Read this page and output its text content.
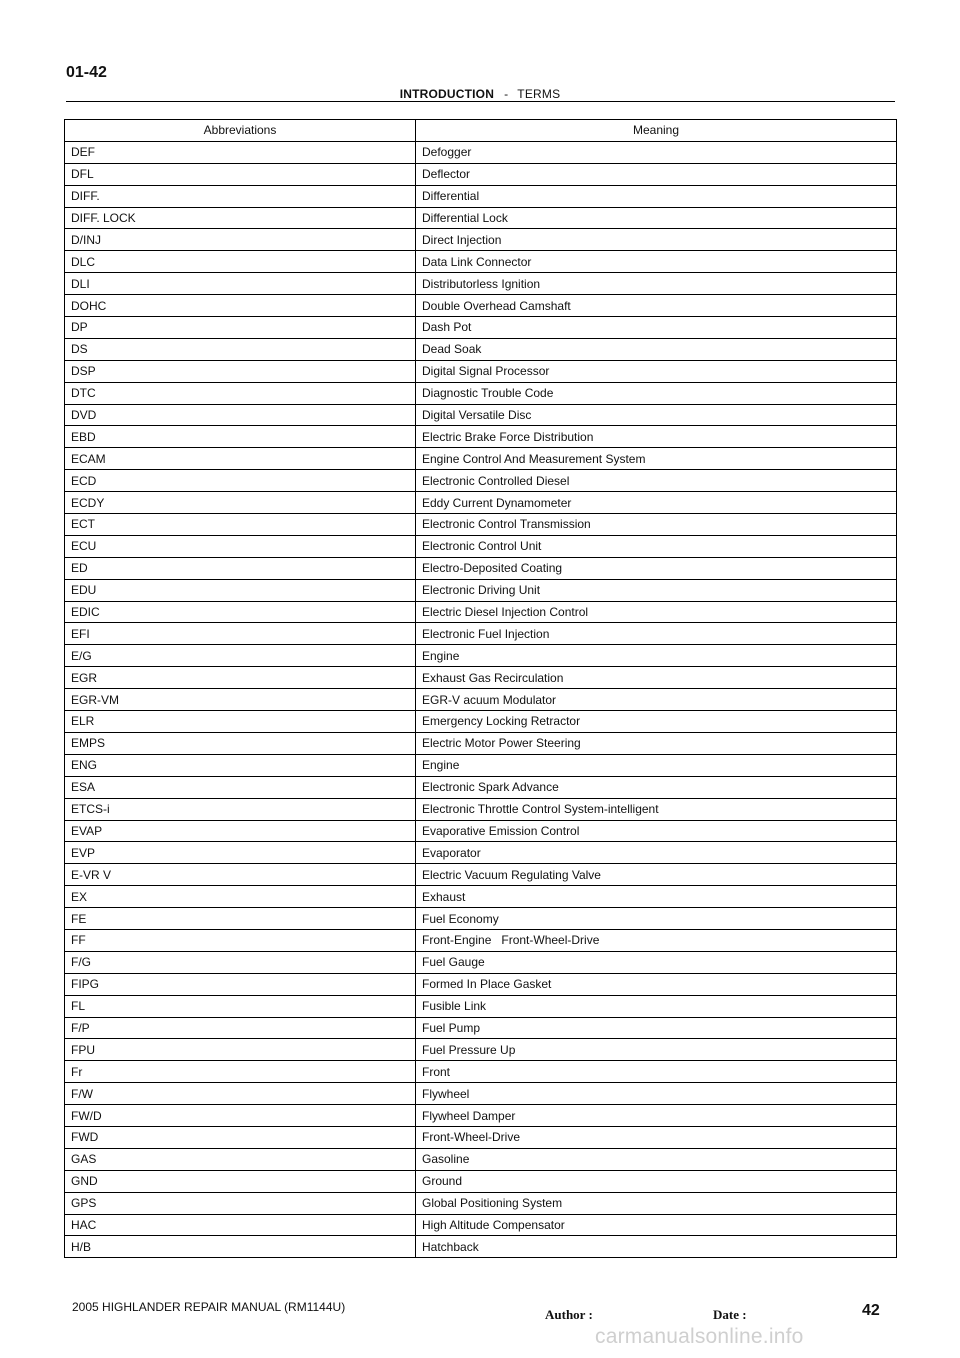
01-42
INTRODUCTION - TERMS
Abbreviations	Meaning
DEF	Defogger
DFL	Deflector
DIFF.	Differential
DIFF. LOCK	Differential Lock
D/INJ	Direct Injection
DLC	Data Link Connector
DLI	Distributorless Ignition
DOHC	Double Overhead Camshaft
DP	Dash Pot
DS	Dead Soak
DSP	Digital Signal Processor
DTC	Diagnostic Trouble Code
DVD	Digital Versatile Disc
EBD	Electric Brake Force Distribution
ECAM	Engine Control And Measurement System
ECD	Electronic Controlled Diesel
ECDY	Eddy Current Dynamometer
ECT	Electronic Control Transmission
ECU	Electronic Control Unit
ED	Electro-Deposited Coating
EDU	Electronic Driving Unit
EDIC	Electric Diesel Injection Control
EFI	Electronic Fuel Injection
E/G	Engine
EGR	Exhaust Gas Recirculation
EGR-VM	EGR-V acuum Modulator
ELR	Emergency Locking Retractor
EMPS	Electric Motor Power Steering
ENG	Engine
ESA	Electronic Spark Advance
ETCS-i	Electronic Throttle Control System-intelligent
EVAP	Evaporative Emission Control
EVP	Evaporator
E-VR V	Electric Vacuum Regulating Valve
EX	Exhaust
FE	Fuel Economy
FF	Front-Engine   Front-Wheel-Drive
F/G	Fuel Gauge
FIPG	Formed In Place Gasket
FL	Fusible Link
F/P	Fuel Pump
FPU	Fuel Pressure Up
Fr	Front
F/W	Flywheel
FW/D	Flywheel Damper
FWD	Front-Wheel-Drive
GAS	Gasoline
GND	Ground
GPS	Global Positioning System
HAC	High Altitude Compensator
H/B	Hatchback
2005 HIGHLANDER REPAIR MANUAL (RM1144U)	Author :	Date :	42
carmanualsonline.info
